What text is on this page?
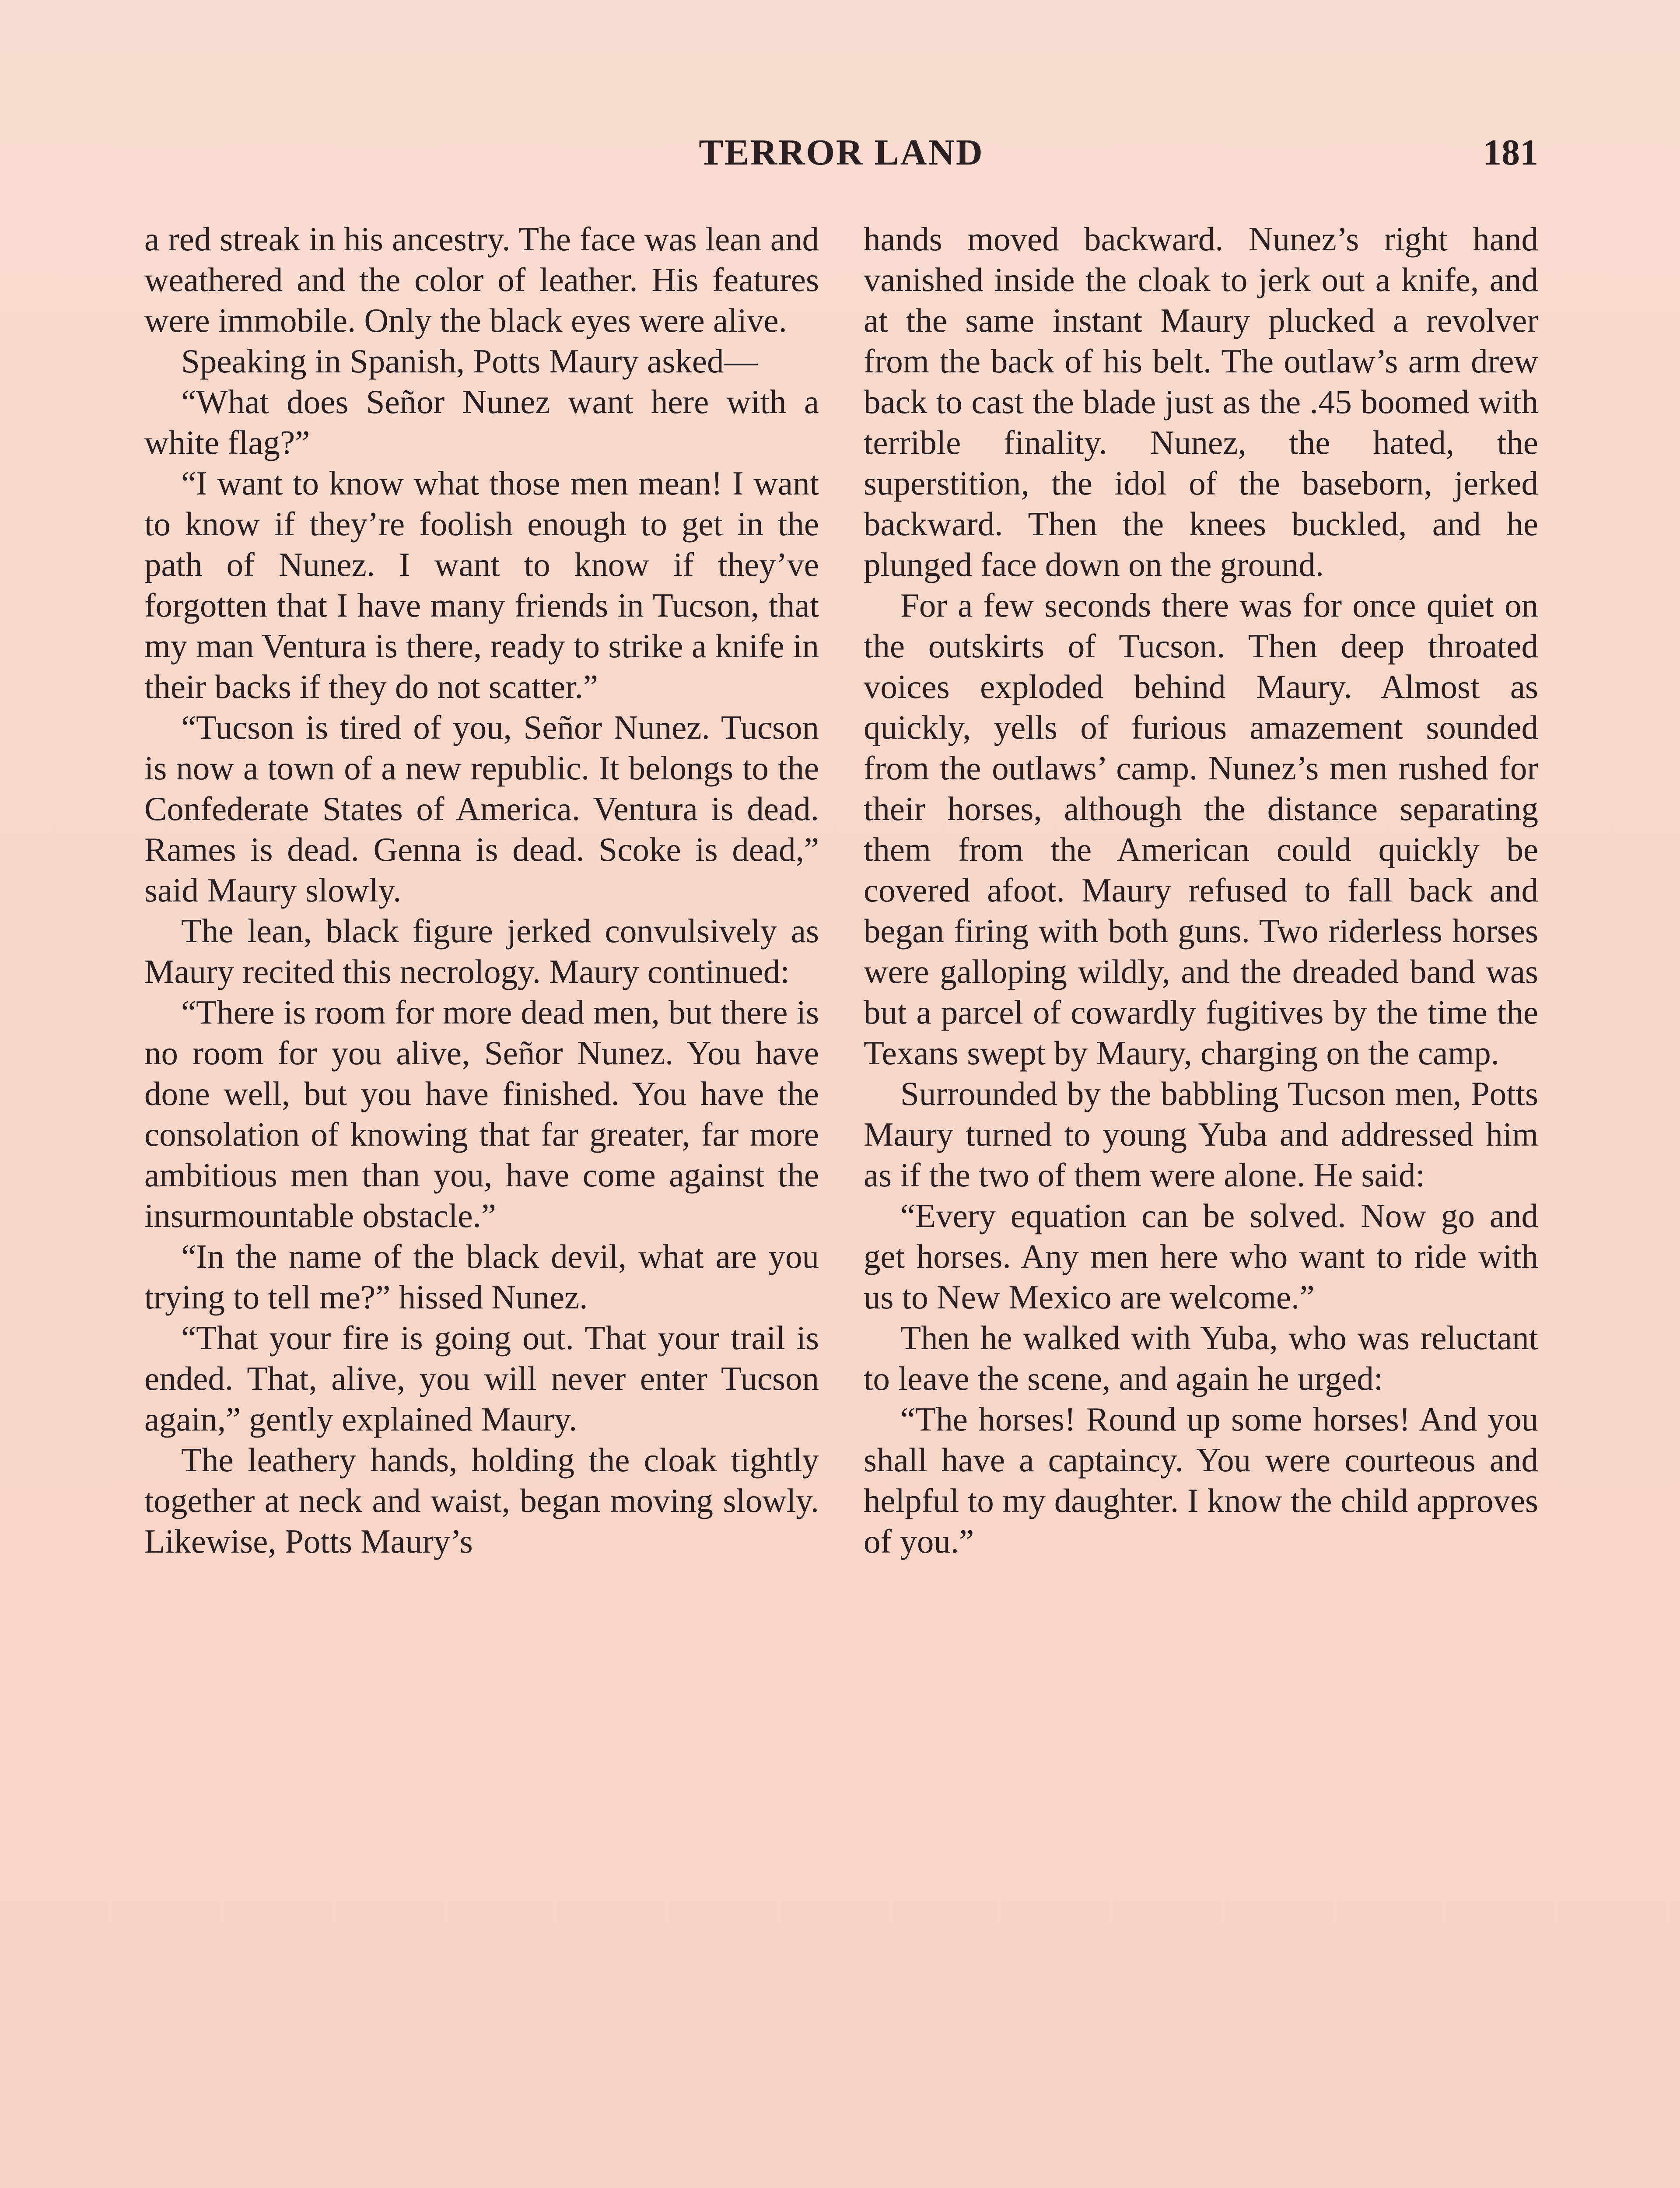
TERROR LAND	181

a red streak in his ancestry. The face was lean and weathered and the color of leather. His features were immobile. Only the black eyes were alive.

Speaking in Spanish, Potts Maury asked—

“What does Señor Nunez want here with a white flag?”

“I want to know what those men mean! I want to know if they’re foolish enough to get in the path of Nunez. I want to know if they’ve forgotten that I have many friends in Tucson, that my man Ventura is there, ready to strike a knife in their backs if they do not scatter.”

“Tucson is tired of you, Señor Nunez. Tucson is now a town of a new republic. It belongs to the Confederate States of America. Ventura is dead. Rames is dead. Genna is dead. Scoke is dead,” said Maury slowly.

The lean, black figure jerked convulsively as Maury recited this necrology. Maury continued:

“There is room for more dead men, but there is no room for you alive, Señor Nunez. You have done well, but you have finished. You have the consolation of knowing that far greater, far more ambitious men than you, have come against the insurmountable obstacle.”

“In the name of the black devil, what are you trying to tell me?” hissed Nunez.

“That your fire is going out. That your trail is ended. That, alive, you will never enter Tucson again,” gently explained Maury.

The leathery hands, holding the cloak tightly together at neck and waist, began moving slowly. Likewise, Potts Maury’s

hands moved backward. Nunez’s right hand vanished inside the cloak to jerk out a knife, and at the same instant Maury plucked a revolver from the back of his belt. The outlaw’s arm drew back to cast the blade just as the .45 boomed with terrible finality. Nunez, the hated, the superstition, the idol of the baseborn, jerked backward. Then the knees buckled, and he plunged face down on the ground.

For a few seconds there was for once quiet on the outskirts of Tucson. Then deep throated voices exploded behind Maury. Almost as quickly, yells of furious amazement sounded from the outlaws’ camp. Nunez’s men rushed for their horses, although the distance separating them from the American could quickly be covered afoot. Maury refused to fall back and began firing with both guns. Two riderless horses were galloping wildly, and the dreaded band was but a parcel of cowardly fugitives by the time the Texans swept by Maury, charging on the camp.

Surrounded by the babbling Tucson men, Potts Maury turned to young Yuba and addressed him as if the two of them were alone. He said:

“Every equation can be solved. Now go and get horses. Any men here who want to ride with us to New Mexico are welcome.”

Then he walked with Yuba, who was reluctant to leave the scene, and again he urged:

“The horses! Round up some horses! And you shall have a captaincy. You were courteous and helpful to my daughter. I know the child approves of you.”
